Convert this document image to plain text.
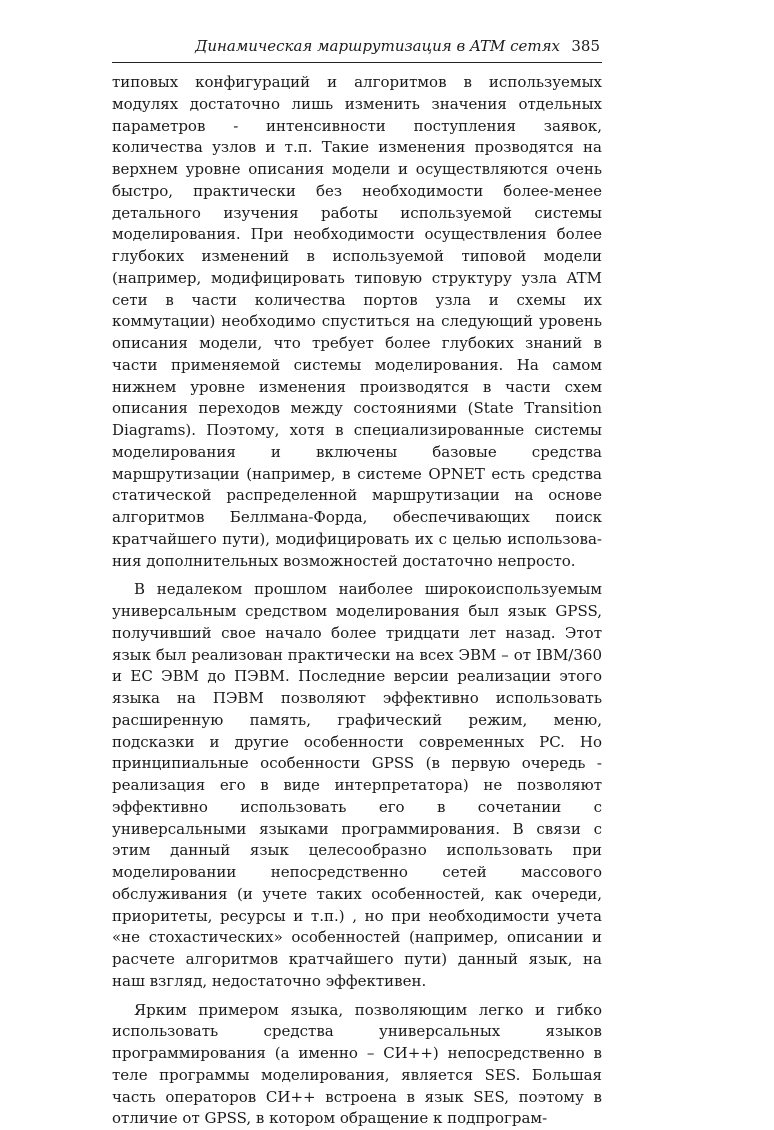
Динамическая маршрутизация в ATM сетях 385

типовых конфигураций и алгоритмов в используемых модулях достаточно лишь изменить значения отдельных параметров - интенсивности поступления заявок, количества узлов и т.п. Такие изменения прозводятся на верхнем уровне описания модели и осуществляются очень быстро, практически без необходимости более-менее детального изучения работы используемой системы моделирования. При необходимости осуществления более глубоких изменений в используемой типовой модели (например, модифицировать типовую структуру узла ATM сети в части количества портов узла и схемы их коммутации) необходимо спуститься на следующий уровень описания модели, что требует более глубоких знаний в части применяемой системы моделирования. На самом нижнем уровне изменения производятся в части схем описания переходов между состояниями (State Transition Diagrams). Поэтому, хотя в специализированные системы моделирования и включены базовые средства маршрутизации (например, в системе OPNET есть средства статической распределенной маршрутизации на основе алгоритмов Беллмана-Форда, обеспечивающих поиск кратчайшего пути), модифицировать их с целью использования дополнительных возможностей достаточно непросто.

В недалеком прошлом наиболее широкоиспользуемым универсальным средством моделирования был язык GPSS, получивший свое начало более тридцати лет назад. Этот язык был реализован практически на всех ЭВМ – от IBM/360 и ЕС ЭВМ до ПЭВМ. Последние версии реализации этого языка на ПЭВМ позволяют эффективно использовать расширенную память, графический режим, меню, подсказки и другие особенности современных PC. Но принципиальные особенности GPSS (в первую очередь - реализация его в виде интерпретатора) не позволяют эффективно использовать его в сочетании с универсальными языками программирования. В связи с этим данный язык целесообразно использовать при моделировании непосредственно сетей массового обслуживания (и учете таких особенностей, как очереди, приоритеты, ресурсы и т.п.) , но при необходимости учета «не стохастических» особенностей (например, описании и расчете алгоритмов кратчайшего пути) данный язык, на наш взгляд, недостаточно эффективен.

Ярким примером языка, позволяющим легко и гибко использовать средства универсальных языков программирования (а именно – СИ++) непосредственно в теле программы моделирования, является SES. Большая часть операторов СИ++ встроена в язык SES, поэтому в отличие от GPSS, в котором обращение к подпрограм-
